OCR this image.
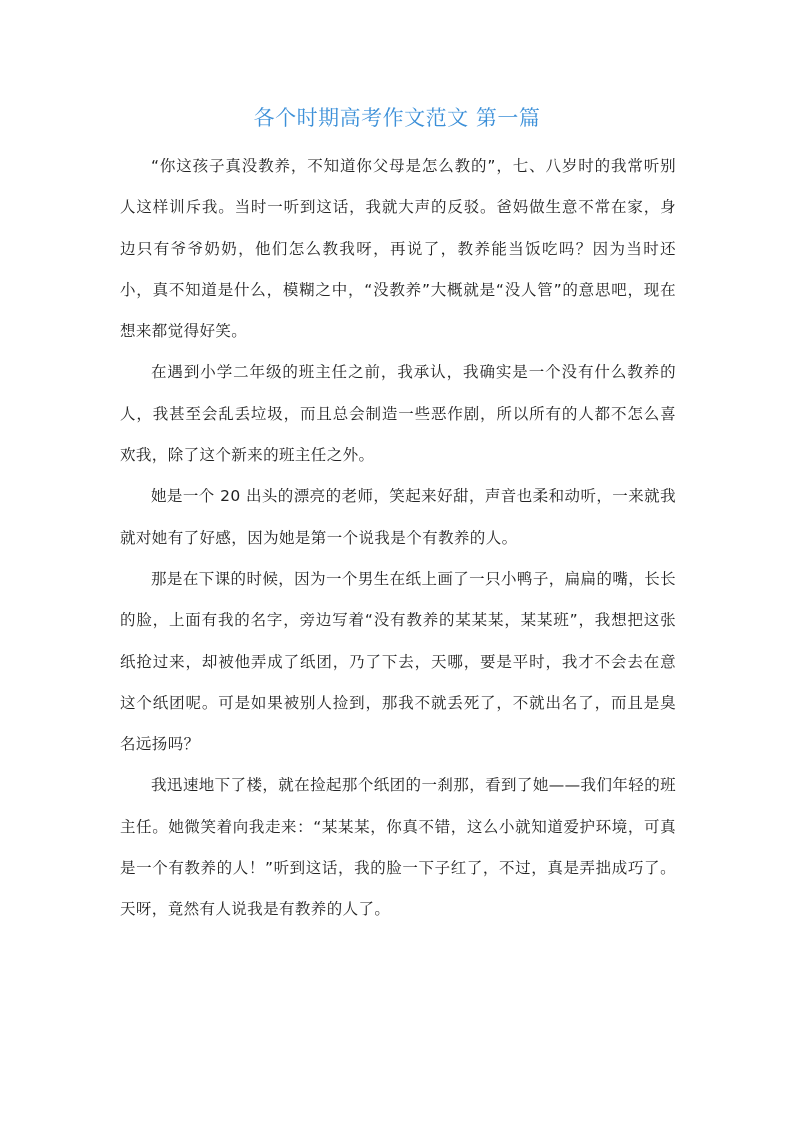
各个时期高考作文范文 第一篇

“你这孩子真没教养，不知道你父母是怎么教的”，七、八岁时的我常听别人这样训斥我。当时一听到这话，我就大声的反驳。爸妈做生意不常在家，身边只有爷爷奶奶，他们怎么教我呀，再说了，教养能当饭吃吗？因为当时还小，真不知道是什么，模糊之中，“没教养”大概就是“没人管”的意思吧，现在想来都觉得好笑。

在遇到小学二年级的班主任之前，我承认，我确实是一个没有什么教养的人，我甚至会乱丢垃圾，而且总会制造一些恶作剧，所以所有的人都不怎么喜欢我，除了这个新来的班主任之外。

她是一个 20 出头的漂亮的老师，笑起来好甜，声音也柔和动听，一来就我就对她有了好感，因为她是第一个说我是个有教养的人。

那是在下课的时候，因为一个男生在纸上画了一只小鸭子，扁扁的嘴，长长的脸，上面有我的名字，旁边写着“没有教养的某某某，某某班”，我想把这张纸抢过来，却被他弄成了纸团，乃了下去，天哪，要是平时，我才不会去在意这个纸团呢。可是如果被别人捡到，那我不就丢死了，不就出名了，而且是臭名远扬吗？

我迅速地下了楼，就在捡起那个纸团的一刹那，看到了她——我们年轻的班主任。她微笑着向我走来：“某某某，你真不错，这么小就知道爱护环境，可真是一个有教养的人！”听到这话，我的脸一下子红了，不过，真是弄拙成巧了。天呀，竟然有人说我是有教养的人了。
